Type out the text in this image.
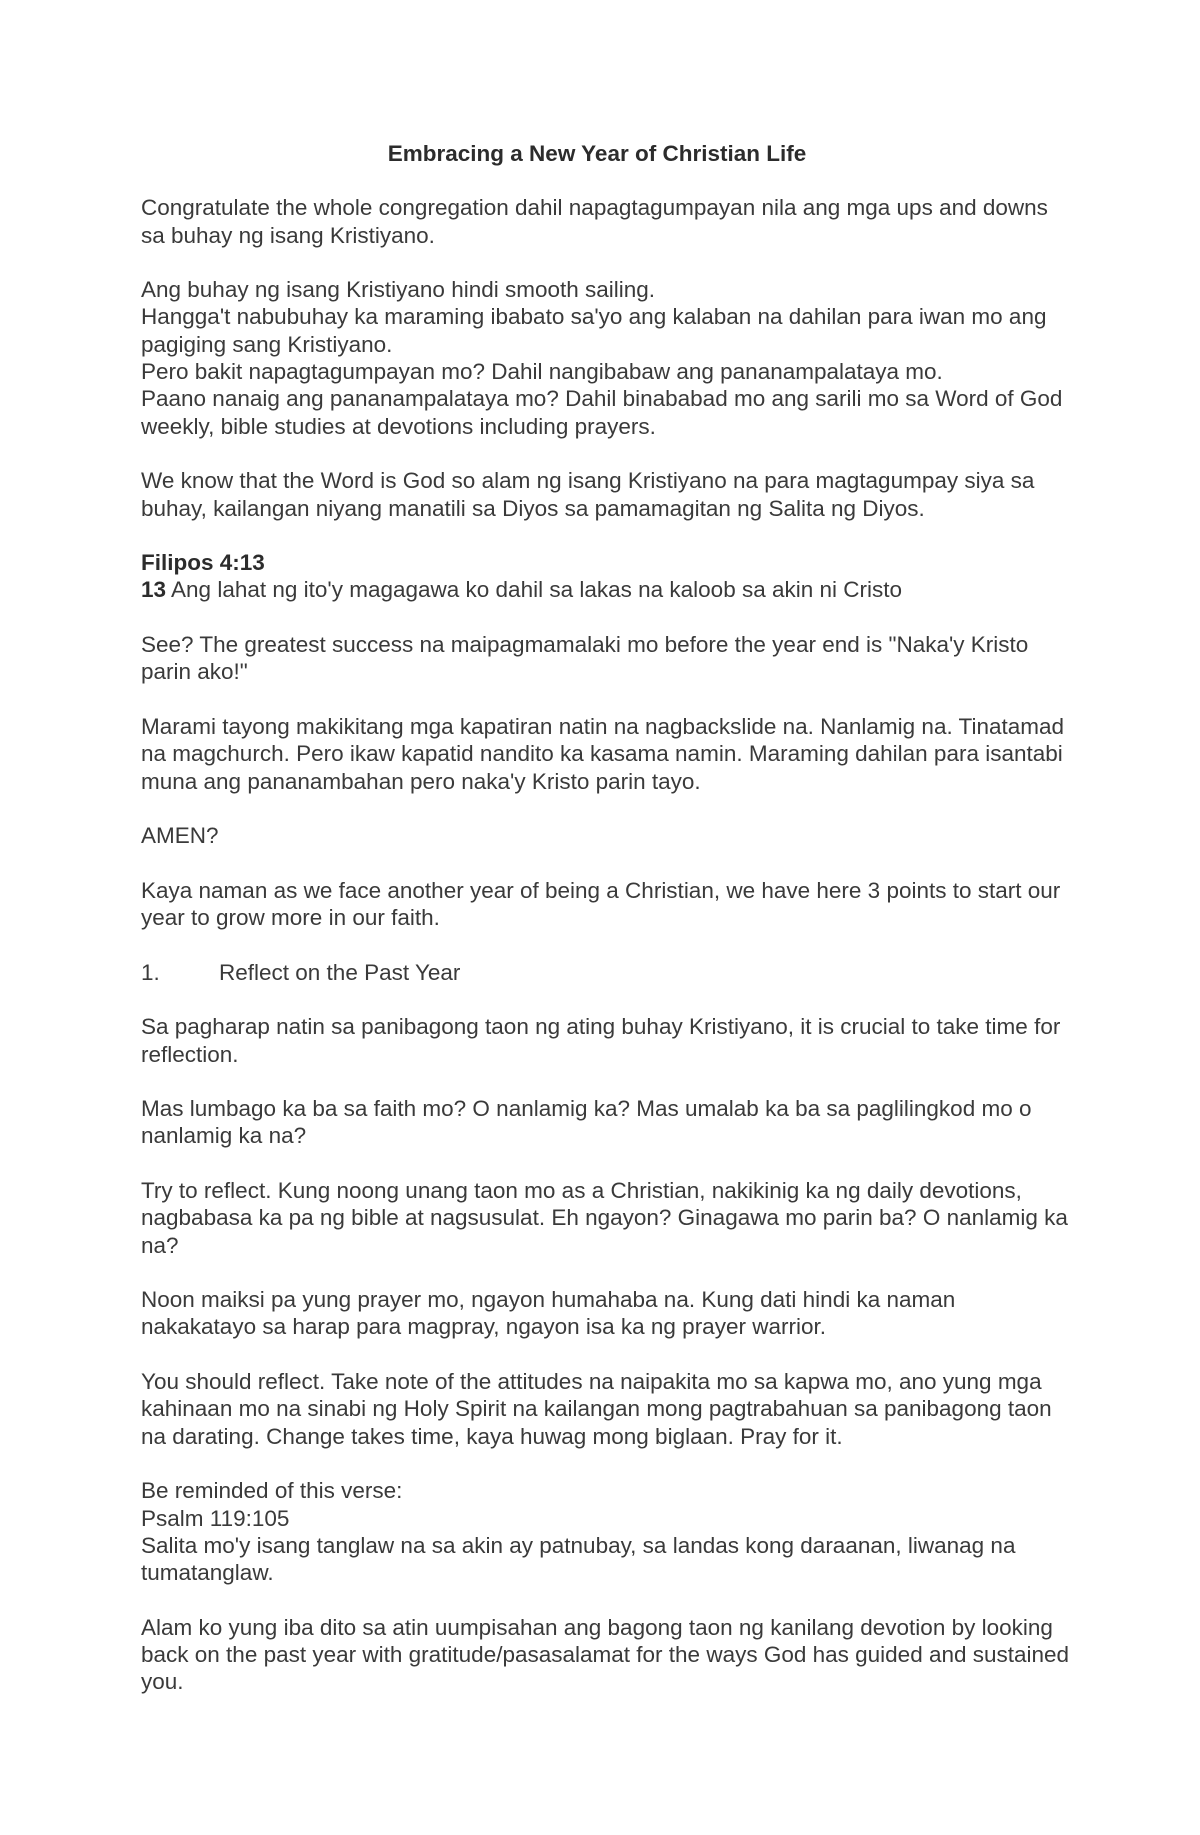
Embracing a New Year of Christian Life

Congratulate the whole congregation dahil napagtagumpayan nila ang mga ups and downs sa buhay ng isang Kristiyano.

Ang buhay ng isang Kristiyano hindi smooth sailing.
Hangga't nabubuhay ka maraming ibabato sa'yo ang kalaban na dahilan para iwan mo ang pagiging sang Kristiyano.
Pero bakit napagtagumpayan mo? Dahil nangibabaw ang pananampalataya mo.
Paano nanaig ang pananampalataya mo? Dahil binababad mo ang sarili mo sa Word of God weekly, bible studies at devotions including prayers.

We know that the Word is God so alam ng isang Kristiyano na para magtagumpay siya sa buhay, kailangan niyang manatili sa Diyos sa pamamagitan ng Salita ng Diyos.

Filipos 4:13
13 Ang lahat ng ito'y magagawa ko dahil sa lakas na kaloob sa akin ni Cristo

See? The greatest success na maipagmamalaki mo before the year end is "Naka'y Kristo parin ako!"

Marami tayong makikitang mga kapatiran natin na nagbackslide na. Nanlamig na. Tinatamad na magchurch. Pero ikaw kapatid nandito ka kasama namin. Maraming dahilan para isantabi muna ang pananambahan pero naka'y Kristo parin tayo.

AMEN?

Kaya naman as we face another year of being a Christian, we have here 3 points to start our year to grow more in our faith.

1.	Reflect on the Past Year

Sa pagharap natin sa panibagong taon ng ating buhay Kristiyano, it is crucial to take time for reflection.

Mas lumbago ka ba sa faith mo? O nanlamig ka? Mas umalab ka ba sa paglilingkod mo o nanlamig ka na?

Try to reflect. Kung noong unang taon mo as a Christian, nakikinig ka ng daily devotions, nagbabasa ka pa ng bible at nagsusulat. Eh ngayon? Ginagawa mo parin ba? O nanlamig ka na?

Noon maiksi pa yung prayer mo, ngayon humahaba na. Kung dati hindi ka naman nakakatayo sa harap para magpray, ngayon isa ka ng prayer warrior.

You should reflect. Take note of the attitudes na naipakita mo sa kapwa mo, ano yung mga kahinaan mo na sinabi ng Holy Spirit na kailangan mong pagtrabahuan sa panibagong taon na darating. Change takes time, kaya huwag mong biglaan. Pray for it.

Be reminded of this verse:
Psalm 119:105
Salita mo'y isang tanglaw na sa akin ay patnubay, sa landas kong daraanan, liwanag na tumatanglaw.

Alam ko yung iba dito sa atin uumpisahan ang bagong taon ng kanilang devotion by looking back on the past year with gratitude/pasasalamat for the ways God has guided and sustained you.
